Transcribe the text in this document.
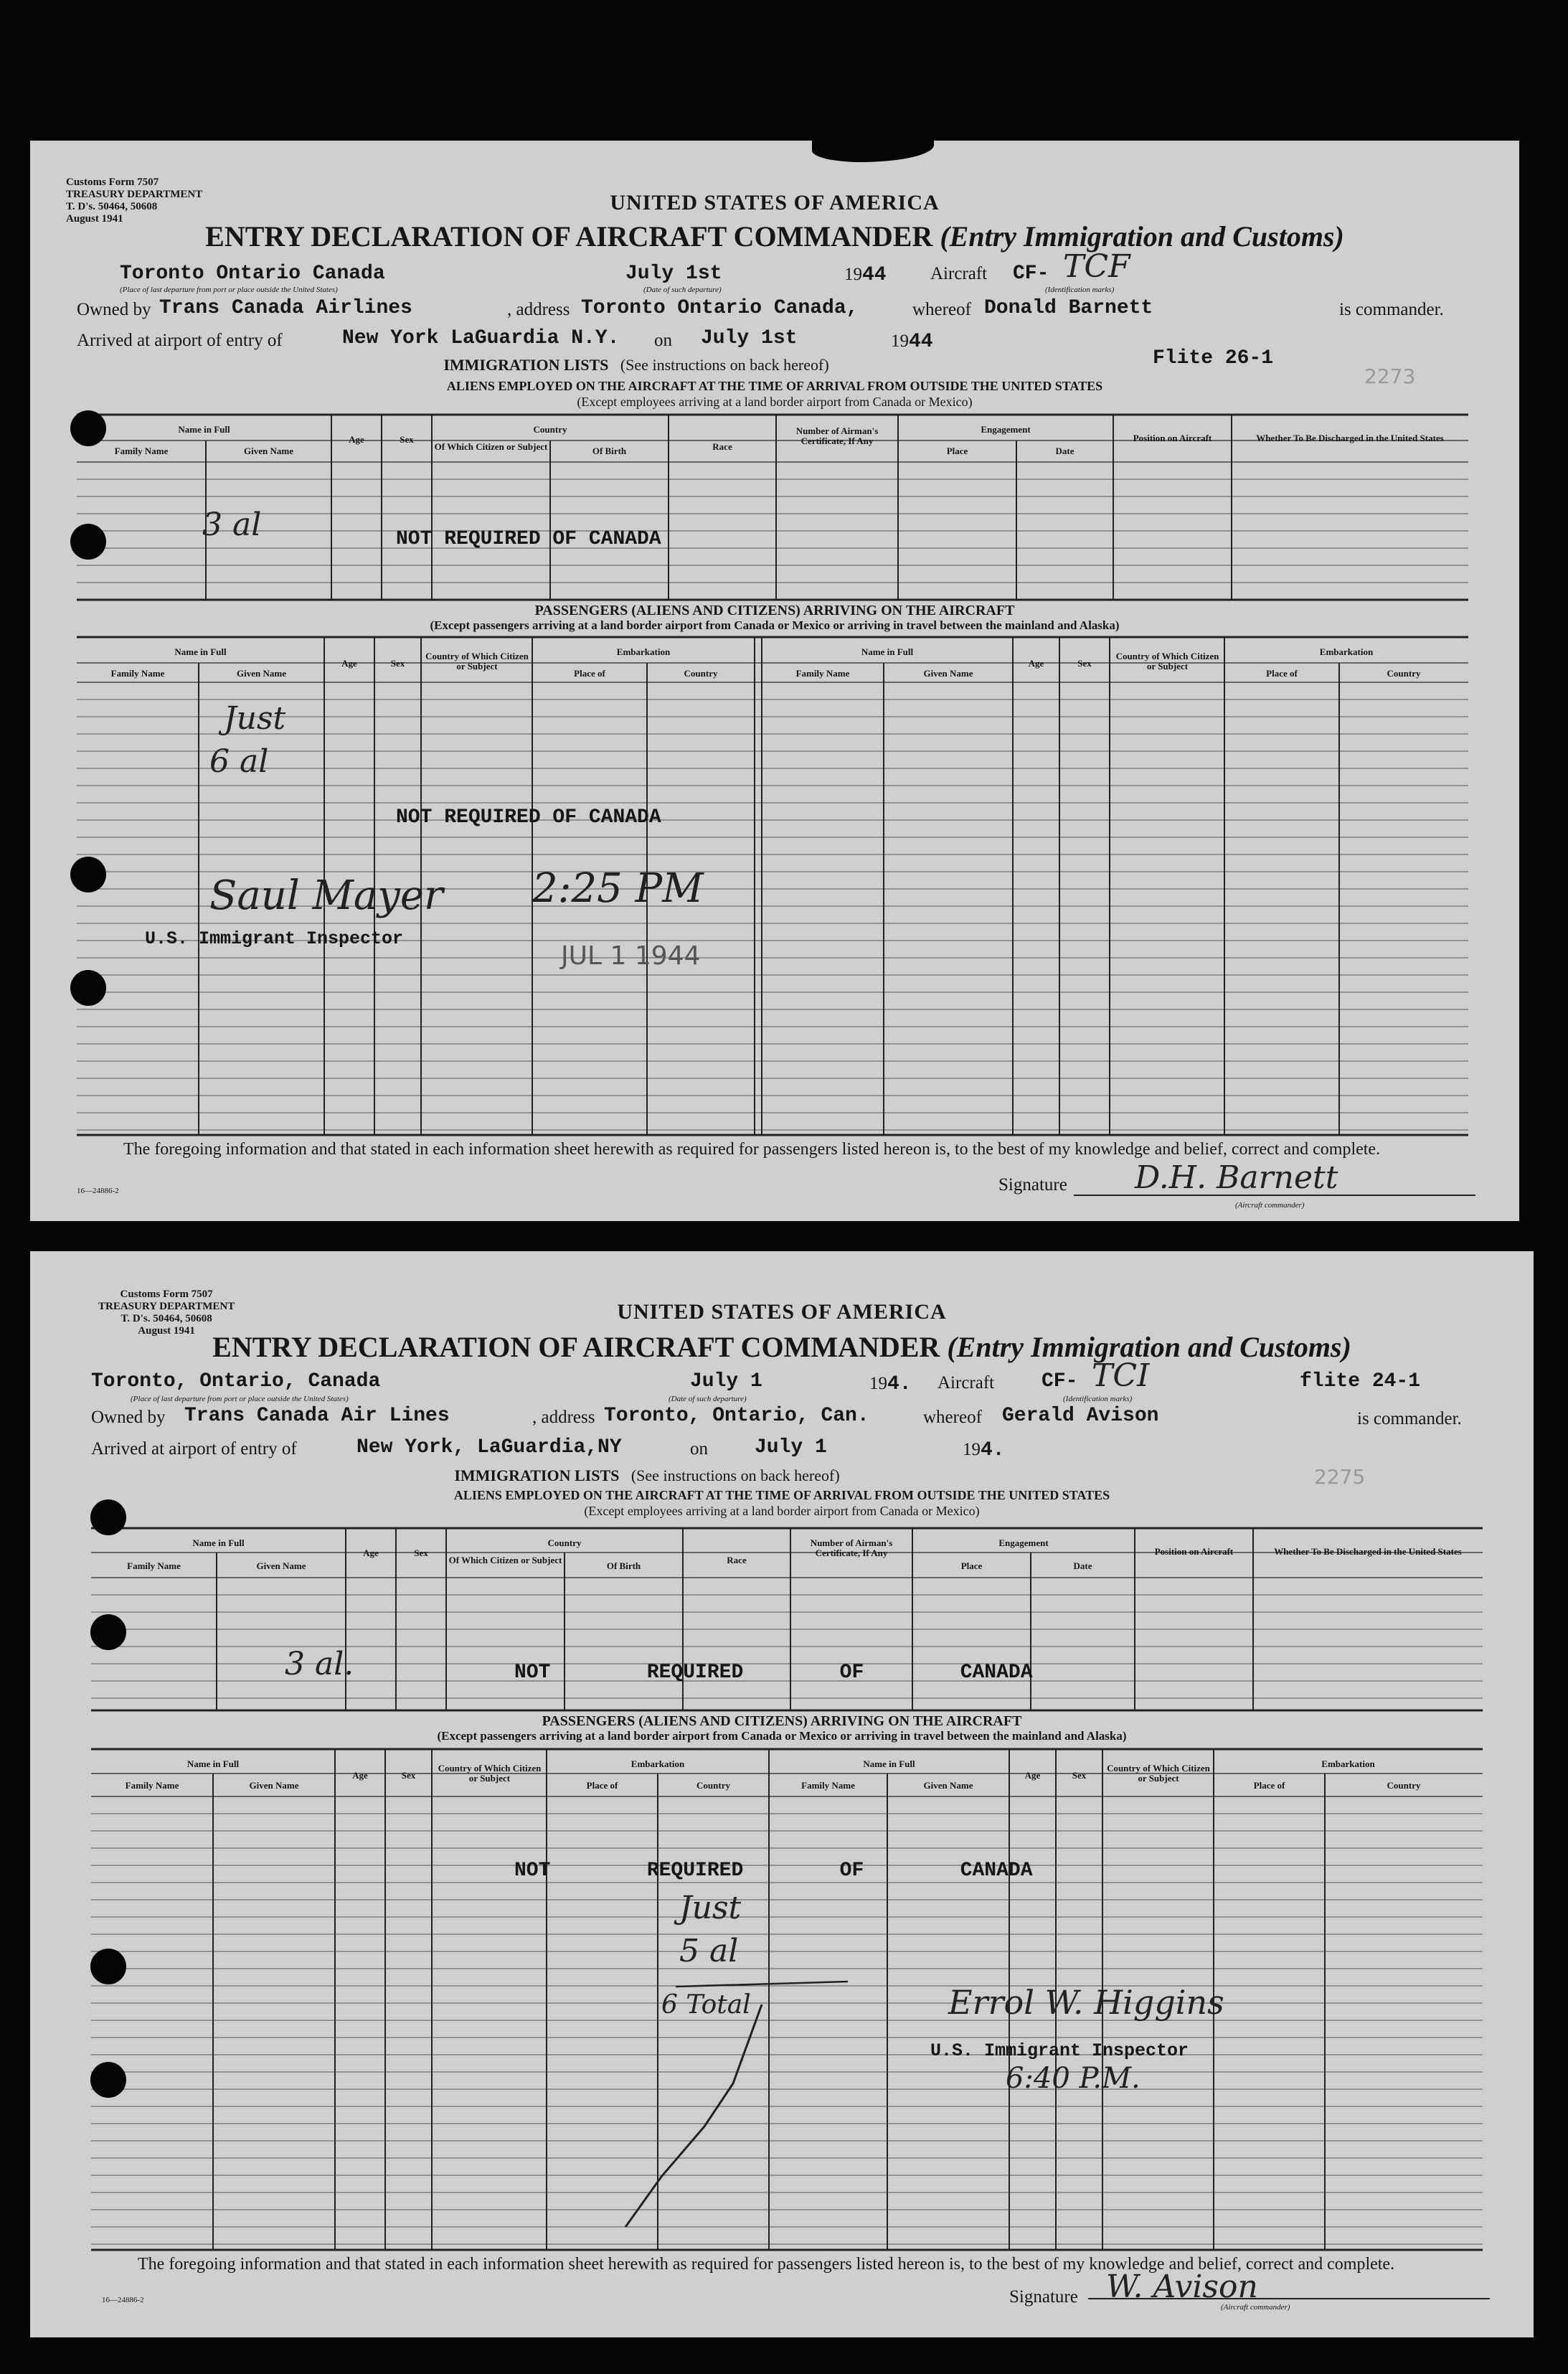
Customs Form 7507
TREASURY DEPARTMENT
T. D's. 50464, 50608
August 1941
UNITED STATES OF AMERICA
ENTRY DECLARATION OF AIRCRAFT COMMANDER (Entry Immigration and Customs)
Toronto Ontario Canada
(Place of last departure from port or place outside the United States)
July 1st
(Date of such departure)
1944 Aircraft CF- TCF
(Identification marks)
Owned by Trans Canada Airlines	, address Toronto Ontario Canada,	whereof Donald Barnett	is commander.
Arrived at airport of entry of	New York LaGuardia N.Y. on July 1st	1944
Flite 26-1
IMMIGRATION LISTS (See instructions on back hereof)
ALIENS EMPLOYED ON THE AIRCRAFT AT THE TIME OF ARRIVAL FROM OUTSIDE THE UNITED STATES
(Except employees arriving at a land border airport from Canada or Mexico)
2273
Name in Full
Family Name	Given Name
Age	Sex
Country
Of Which Citizen or Subject	Of Birth	Race
Number of Airman's Certificate, If Any
Engagement
Place	Date
Position on Aircraft	Whether To Be Discharged in the United States
3 al	NOT REQUIRED OF CANADA
PASSENGERS (ALIENS AND CITIZENS) ARRIVING ON THE AIRCRAFT
(Except passengers arriving at a land border airport from Canada or Mexico or arriving in travel between the mainland and Alaska)
Name in Full
Family Name	Given Name
Age	Sex
Country of Which Citizen or Subject
Embarkation
Place of	Country
Name in Full
Family Name	Given Name
Age	Sex
Country of Which Citizen or Subject
Embarkation
Place of	Country
Just
6 al
NOT REQUIRED OF CANADA
Saul Mayer 2:25 PM
U.S. Immigrant Inspector
JUL 1 1944
The foregoing information and that stated in each information sheet herewith as required for passengers listed hereon is, to the best of my knowledge and belief, correct and complete.
Signature D.H. Barnett
(Aircraft commander)
16—24886-2
Customs Form 7507
TREASURY DEPARTMENT
T. D's. 50464, 50608
August 1941
UNITED STATES OF AMERICA
ENTRY DECLARATION OF AIRCRAFT COMMANDER (Entry Immigration and Customs)
Toronto, Ontario, Canada
(Place of last departure from port or place outside the United States)
July 1
(Date of such departure)
194. Aircraft CF- TCI
(Identification marks)
flite 24-1
Owned by Trans Canada Air Lines	, address Toronto, Ontario, Can.	whereof Gerald Avison	is commander.
Arrived at airport of entry of	New York, LaGuardia,NY	on July 1	194.
2275
IMMIGRATION LISTS (See instructions on back hereof)
ALIENS EMPLOYED ON THE AIRCRAFT AT THE TIME OF ARRIVAL FROM OUTSIDE THE UNITED STATES
(Except employees arriving at a land border airport from Canada or Mexico)
Name in Full
Family Name	Given Name
Age	Sex
Country
Of Which Citizen or Subject
Of Birth
Race
Number of Airman's Certificate, If Any
Engagement
Place	Date
Position on Aircraft	Whether To Be Discharged in the United States
3 al.	NOT        REQUIRED        OF        CANADA
PASSENGERS (ALIENS AND CITIZENS) ARRIVING ON THE AIRCRAFT
(Except passengers arriving at a land border airport from Canada or Mexico or arriving in travel between the mainland and Alaska)
Name in Full
Family Name	Given Name
Age	Sex
Country of Which Citizen or Subject
Embarkation
Place of	Country
Name in Full
Family Name	Given Name
Age	Sex
Country of Which Citizen or Subject
Embarkation
Place of	Country
NOT        REQUIRED        OF        CANADA
Just
5 al
6 Total	Errol W. Higgins
U.S. Immigrant Inspector
6:40 P.M.
The foregoing information and that stated in each information sheet herewith as required for passengers listed hereon is, to the best of my knowledge and belief, correct and complete.
Signature W. Avison
(Aircraft commander)
16—24886-2
